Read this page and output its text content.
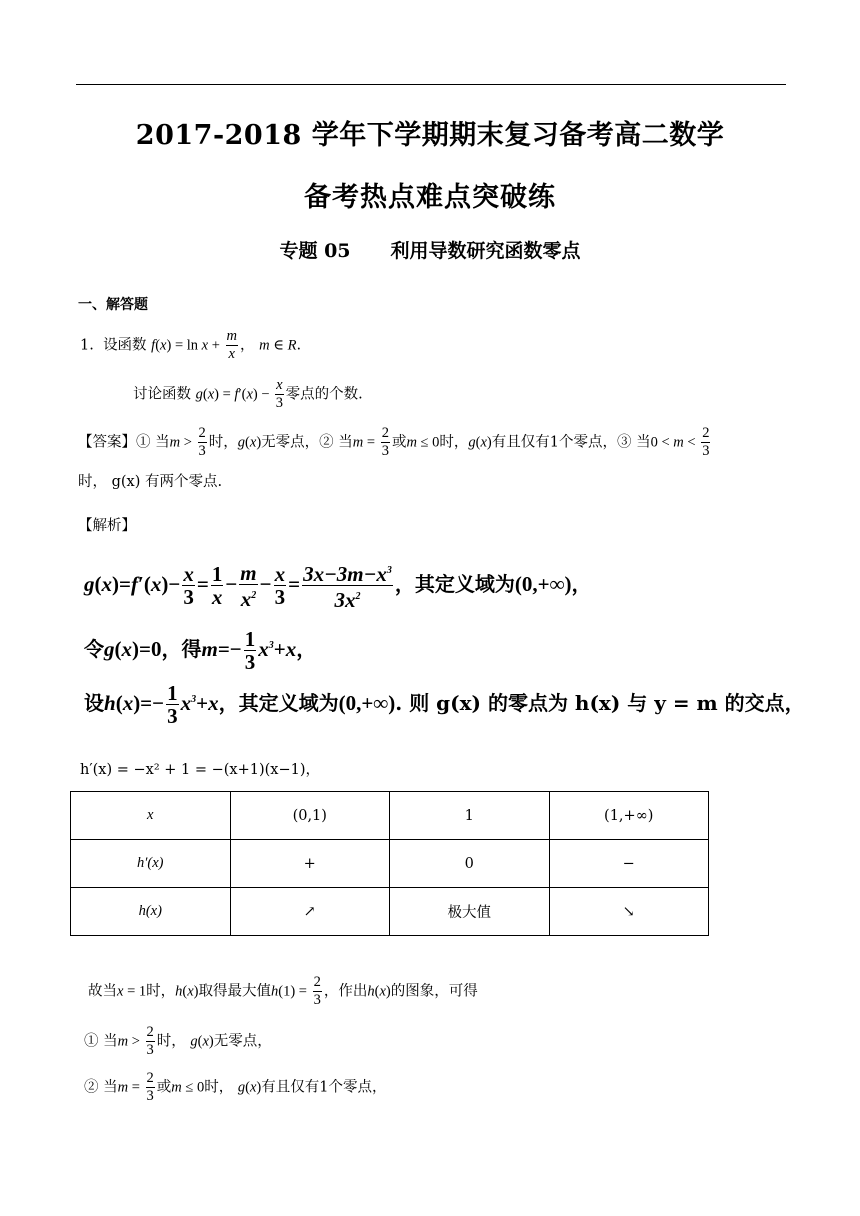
2017-2018 学年下学期期末复习备考高二数学
备考热点难点突破练
专题 05 利用导数研究函数零点
一、解答题
1. 设函数 $f(x) = \ln x + \frac{m}{x}$ ， m ∈ R.
讨论函数 $g(x) = f'(x) - \frac{x}{3}$ 零点的个数.
【答案】① 当$m > \frac{2}{3}$ 时，g(x)无零点，② 当$m = \frac{2}{3}$ 或m ≤ 0时，g(x)有且仅有1个零点，③ 当$0 < m < \frac{2}{3}$
时， g(x) 有两个零点.
【解析】
$g(x)=f'(x)- \frac{x}{3} = \frac{1}{x} - \frac{m}{x^2} - \frac{x}{3} = \frac{3x-3m-x^3}{3x^2}$ ，其定义域为(0,+∞)，
令g(x)=0，得$m=- \frac{1}{3} x^3+x$，
设$h(x)=- \frac{1}{3} x^3+x$，其定义域为(0,+∞). 则 g(x) 的零点为 h(x) 与 y = m 的交点，
h′(x) = −x² + 1 = −(x+1)(x−1)，
x	(0,1)	1	(1,+∞)
h′(x)	+	0	−
h(x)	↗	极大值	↘
故当x = 1时，h(x)取得最大值$h(1) = \frac{2}{3}$ ，作出h(x)的图象，可得
① 当$m > \frac{2}{3}$ 时， g(x)无零点，
② 当$m = \frac{2}{3}$ 或m ≤ 0时， g(x)有且仅有1个零点，
